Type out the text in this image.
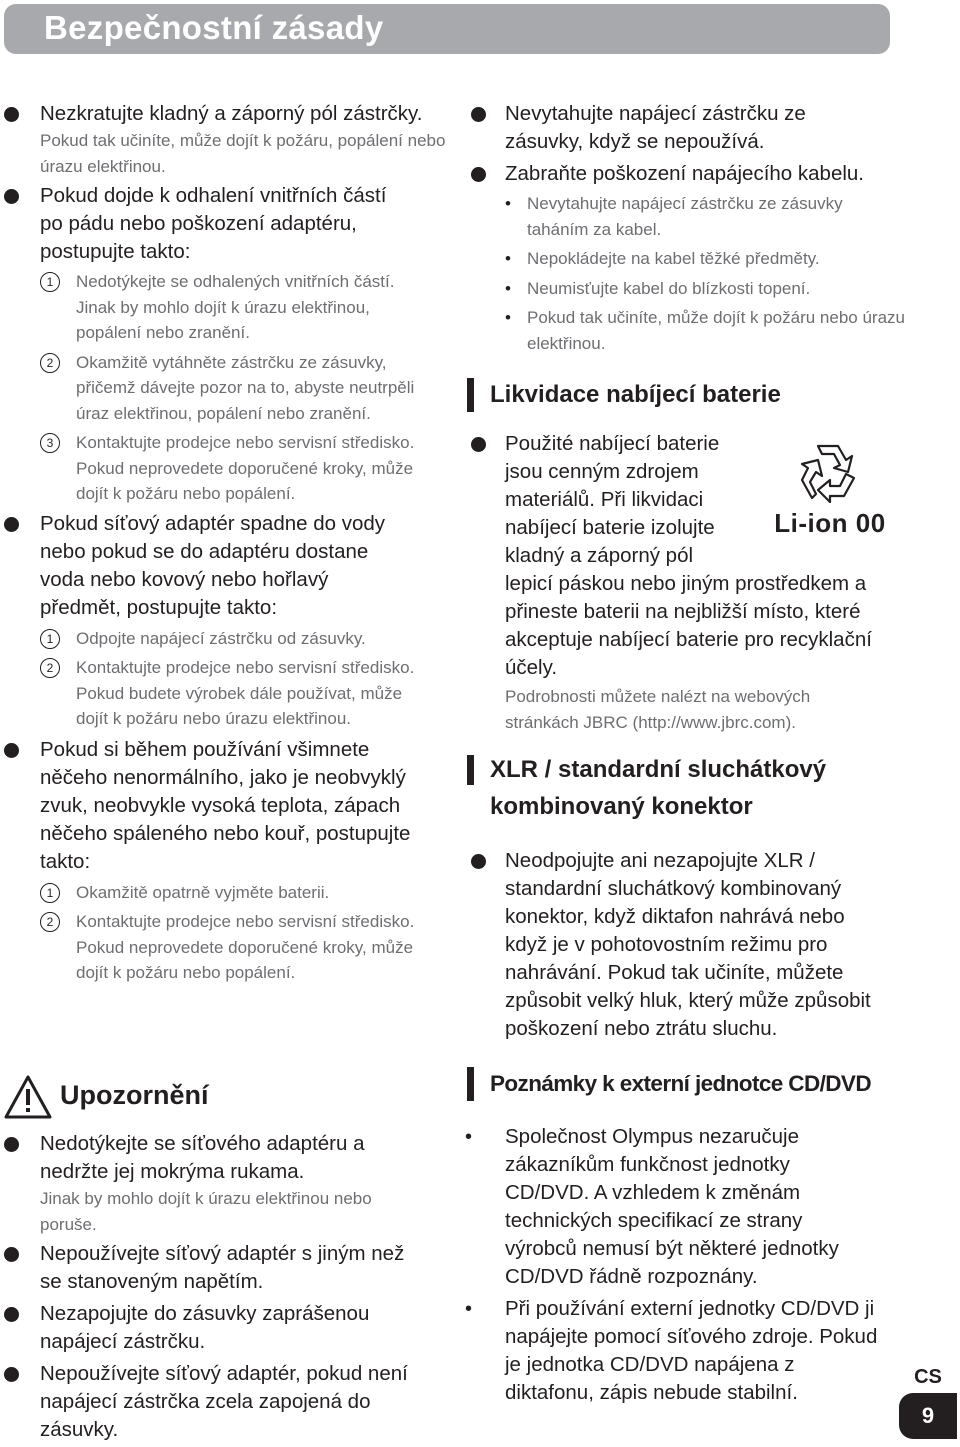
Bezpečnostní zásady
Nezkratujte kladný a záporný pól zástrčky.
Pokud tak učiníte, může dojít k požáru, popálení nebo úrazu elektřinou.
Pokud dojde k odhalení vnitřních částí po pádu nebo poškození adaptéru, postupujte takto:
1	Nedotýkejte se odhalených vnitřních částí. Jinak by mohlo dojít k úrazu elektřinou, popálení nebo zranění.
2	Okamžitě vytáhněte zástrčku ze zásuvky, přičemž dávejte pozor na to, abyste neutrpěli úraz elektřinou, popálení nebo zranění.
3	Kontaktujte prodejce nebo servisní středisko. Pokud neprovedete doporučené kroky, může dojít k požáru nebo popálení.
Pokud síťový adaptér spadne do vody nebo pokud se do adaptéru dostane voda nebo kovový nebo hořlavý předmět, postupujte takto:
1	Odpojte napájecí zástrčku od zásuvky.
2	Kontaktujte prodejce nebo servisní středisko. Pokud budete výrobek dále používat, může dojít k požáru nebo úrazu elektřinou.
Pokud si během používání všimnete něčeho nenormálního, jako je neobvyklý zvuk, neobvykle vysoká teplota, zápach něčeho spáleného nebo kouř, postupujte takto:
1	Okamžitě opatrně vyjměte baterii.
2	Kontaktujte prodejce nebo servisní středisko. Pokud neprovedete doporučené kroky, může dojít k požáru nebo popálení.
Upozornění
Nedotýkejte se síťového adaptéru a nedržte jej mokrýma rukama.
Jinak by mohlo dojít k úrazu elektřinou nebo poruše.
Nepoužívejte síťový adaptér s jiným než se stanoveným napětím.
Nezapojujte do zásuvky zaprášenou napájecí zástrčku.
Nepoužívejte síťový adaptér, pokud není napájecí zástrčka zcela zapojená do zásuvky.
Nevytahujte napájecí zástrčku ze zásuvky, když se nepoužívá.
Zabraňte poškození napájecího kabelu.
• Nevytahujte napájecí zástrčku ze zásuvky taháním za kabel.
• Nepokládejte na kabel těžké předměty.
• Neumisťujte kabel do blízkosti topení.
• Pokud tak učiníte, může dojít k požáru nebo úrazu elektřinou.
Likvidace nabíjecí baterie
Použité nabíjecí baterie
jsou cenným zdrojem
materiálů. Při likvidaci
nabíjecí baterie izolujte
kladný a záporný pól
lepicí páskou nebo jiným prostředkem a přineste baterii na nejbližší místo, které akceptuje nabíjecí baterie pro recyklační účely.
Podrobnosti můžete nalézt na webových stránkách JBRC (http://www.jbrc.com).
Li-ion 00
XLR / standardní sluchátkový kombinovaný konektor
Neodpojujte ani nezapojujte XLR / standardní sluchátkový kombinovaný konektor, když diktafon nahrává nebo když je v pohotovostním režimu pro nahrávání. Pokud tak učiníte, můžete způsobit velký hluk, který může způsobit poškození nebo ztrátu sluchu.
Poznámky k externí jednotce CD/DVD
• Společnost Olympus nezaručuje zákazníkům funkčnost jednotky CD/DVD. A vzhledem k změnám technických specifikací ze strany výrobců nemusí být některé jednotky CD/DVD řádně rozpoznány.
• Při používání externí jednotky CD/DVD ji napájejte pomocí síťového zdroje. Pokud je jednotka CD/DVD napájena z diktafonu, zápis nebude stabilní.
CS
9
